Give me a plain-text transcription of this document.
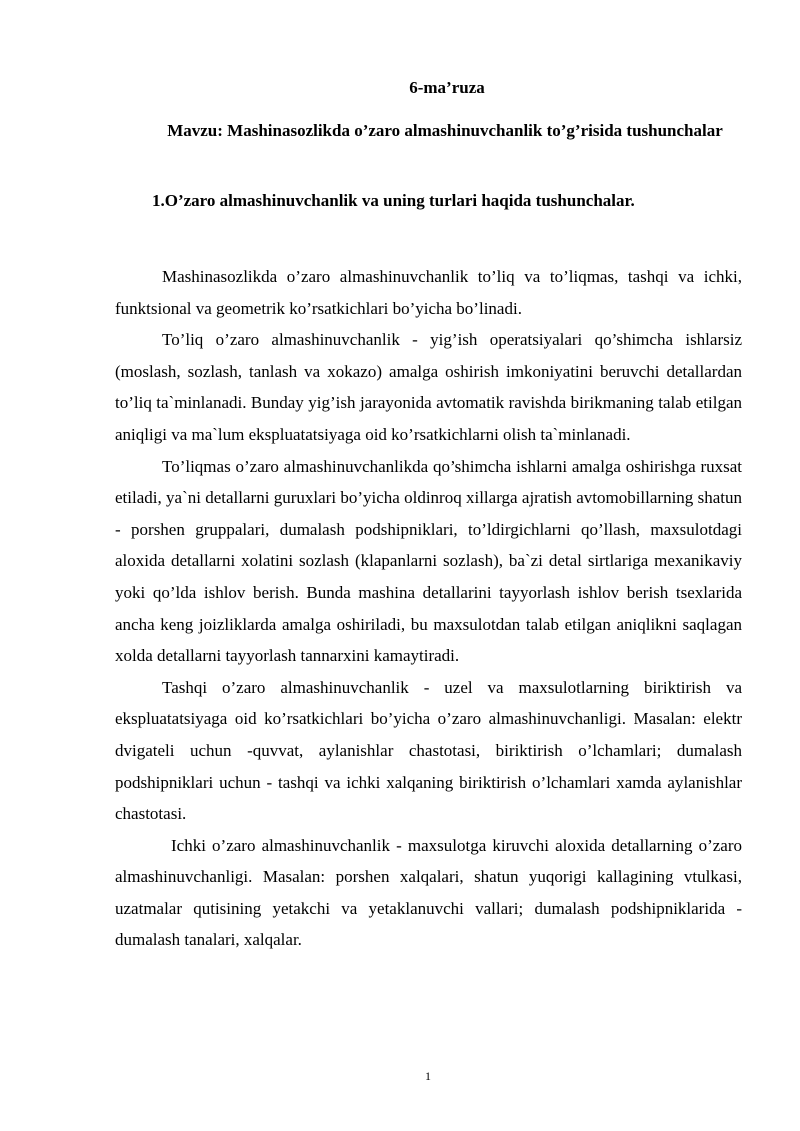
6-ma’ruza
Mavzu: Mashinasozlikda o’zaro almashinuvchanlik to’g’risida tushunchalar
1.O’zaro almashinuvchanlik va uning turlari haqida tushunchalar.

Mashinasozlikda o’zaro almashinuvchanlik to’liq va to’liqmas, tashqi va ichki, funktsional va geometrik ko’rsatkichlari bo’yicha bo’linadi.

To’liq o’zaro almashinuvchanlik - yig’ish operatsiyalari qo’shimcha ishlarsiz (moslash, sozlash, tanlash va xokazo) amalga oshirish imkoniyatini beruvchi detallardan to’liq ta`minlanadi. Bunday yig’ish jarayonida avtomatik ravishda birikmaning talab etilgan aniqligi va ma`lum ekspluatatsiyaga oid ko’rsatkichlarni olish ta`minlanadi.

To’liqmas o’zaro almashinuvchanlikda qo’shimcha ishlarni amalga oshirishga ruxsat etiladi, ya`ni detallarni guruxlari bo’yicha oldinroq xillarga ajratish avtomobillarning shatun - porshen gruppalari, dumalash podshipniklari, to’ldirgichlarni qo’llash, maxsulotdagi aloxida detallarni xolatini sozlash (klapanlarni sozlash), ba`zi detal sirtlariga mexanikaviy yoki qo’lda ishlov berish. Bunda mashina detallarini tayyorlash ishlov berish tsexlarida ancha keng joizliklarda amalga oshiriladi, bu maxsulotdan talab etilgan aniqlikni saqlagan xolda detallarni tayyorlash tannarxini kamaytiradi.

Tashqi o’zaro almashinuvchanlik - uzel va maxsulotlarning biriktirish va ekspluatatsiyaga oid ko’rsatkichlari bo’yicha o’zaro almashinuvchanligi. Masalan: elektr dvigateli uchun -quvvat, aylanishlar chastotasi, biriktirish o’lchamlari; dumalash podshipniklari uchun - tashqi va ichki xalqaning biriktirish o’lchamlari xamda aylanishlar chastotasi.

Ichki o’zaro almashinuvchanlik - maxsulotga kiruvchi aloxida detallarning o’zaro almashinuvchanligi. Masalan: porshen xalqalari, shatun yuqorigi kallagining vtulkasi, uzatmalar qutisining yetakchi va yetaklanuvchi vallari; dumalash podshipniklarida - dumalash tanalari, xalqalar.

1
